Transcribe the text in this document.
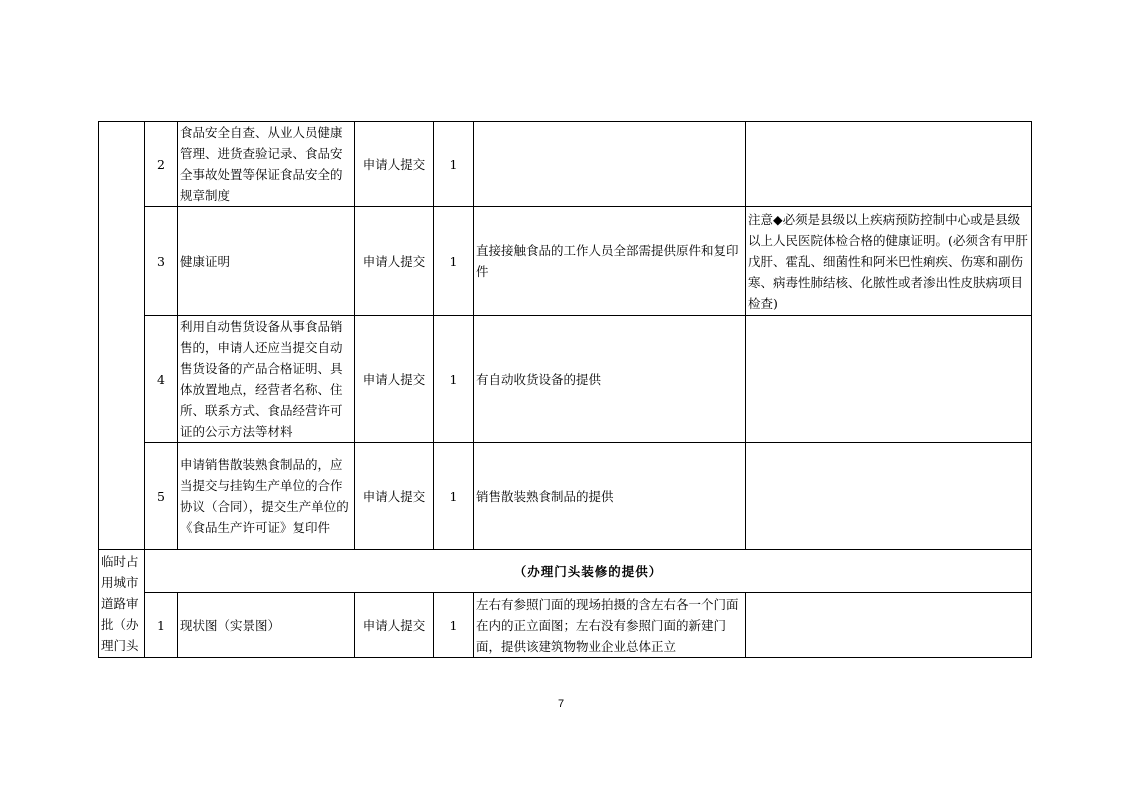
	2	食品安全自查、从业人员健康管理、进货查验记录、食品安全事故处置等保证食品安全的规章制度	申请人提交	1		
	3	健康证明	申请人提交	1	直接接触食品的工作人员全部需提供原件和复印件	注意◆必须是县级以上疾病预防控制中心或是县级以上人民医院体检合格的健康证明。(必须含有甲肝戊肝、霍乱、细菌性和阿米巴性痢疾、伤寒和副伤寒、病毒性肺结核、化脓性或者渗出性皮肤病项目检查)
	4	利用自动售货设备从事食品销售的，申请人还应当提交自动售货设备的产品合格证明、具体放置地点，经营者名称、住所、联系方式、食品经营许可证的公示方法等材料	申请人提交	1	有自动收货设备的提供	
	5	申请销售散装熟食制品的，应当提交与挂钩生产单位的合作协议（合同），提交生产单位的《食品生产许可证》复印件	申请人提交	1	销售散装熟食制品的提供	
临时占用城市道路审批（办理门头	（办理门头装修的提供）					
	1	现状图（实景图）	申请人提交	1	左右有参照门面的现场拍摄的含左右各一个门面在内的正立面图；左右没有参照门面的新建门面，提供该建筑物物业企业总体正立	
7
